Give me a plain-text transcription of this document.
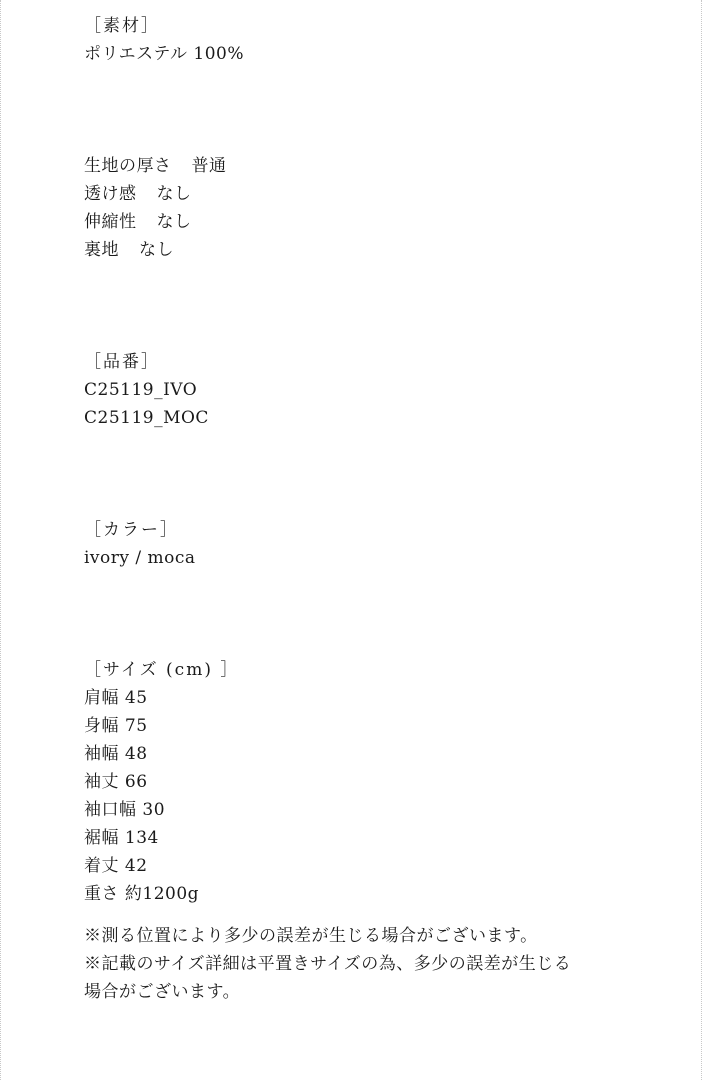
［素材］
ポリエステル 100%
生地の厚さ 普通
透け感 なし
伸縮性 なし
裏地 なし
［品番］
C25119_IVO
C25119_MOC
［カラー］
ivory / moca
［サイズ (cm) ］
肩幅 45
身幅 75
袖幅 48
袖丈 66
袖口幅 30
裾幅 134
着丈 42
重さ 約1200g
※測る位置により多少の誤差が生じる場合がございます。
※記載のサイズ詳細は平置きサイズの為、多少の誤差が生じる
場合がございます。
